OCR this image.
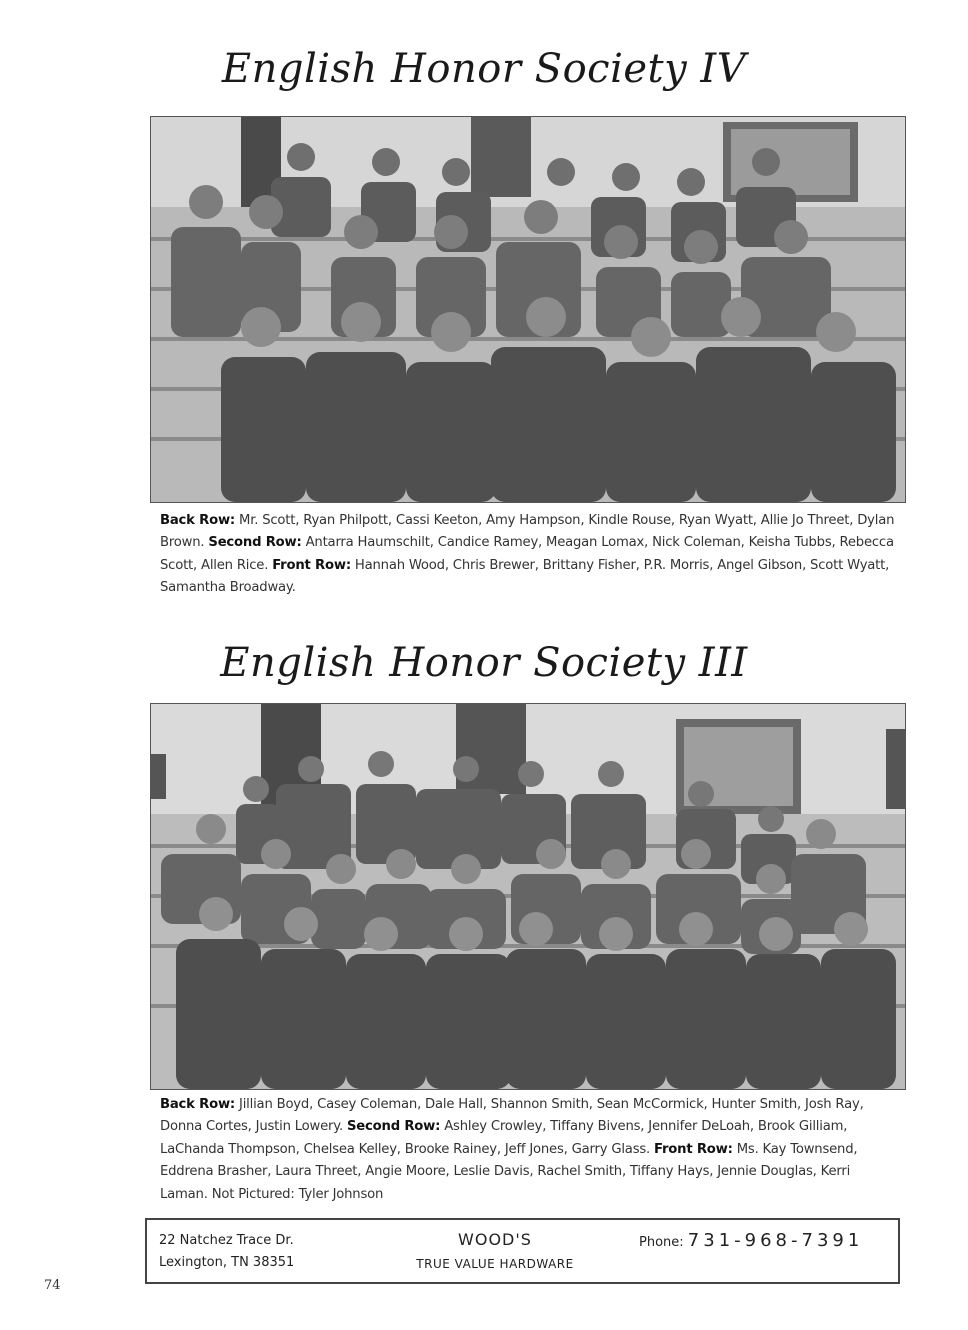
English Honor Society IV
Back Row: Mr. Scott, Ryan Philpott, Cassi Keeton, Amy Hampson, Kindle Rouse, Ryan Wyatt, Allie Jo Threet, Dylan Brown. Second Row: Antarra Haumschilt, Candice Ramey, Meagan Lomax, Nick Coleman, Keisha Tubbs, Rebecca Scott, Allen Rice. Front Row: Hannah Wood, Chris Brewer, Brittany Fisher, P.R. Morris, Angel Gibson, Scott Wyatt, Samantha Broadway.
English Honor Society III
Back Row: Jillian Boyd, Casey Coleman, Dale Hall, Shannon Smith, Sean McCormick, Hunter Smith, Josh Ray, Donna Cortes, Justin Lowery. Second Row: Ashley Crowley, Tiffany Bivens, Jennifer DeLoah, Brook Gilliam, LaChanda Thompson, Chelsea Kelley, Brooke Rainey, Jeff Jones, Garry Glass. Front Row: Ms. Kay Townsend, Eddrena Brasher, Laura Threet, Angie Moore, Leslie Davis, Rachel Smith, Tiffany Hays, Jennie Douglas, Kerri Laman. Not Pictured: Tyler Johnson
22 Natchez Trace Dr.
Lexington, TN 38351
WOOD'S
TRUE VALUE HARDWARE
Phone: 731-968-7391
74
